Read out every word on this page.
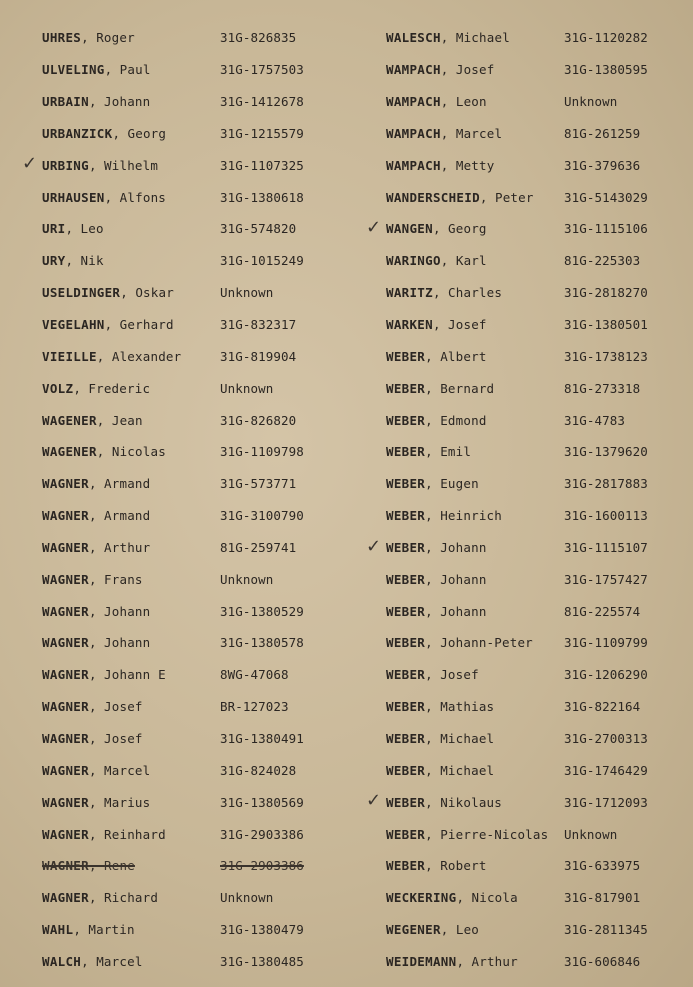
UHRES, Roger	31G-826835
ULVELING, Paul	31G-1757503
URBAIN, Johann	31G-1412678
URBANZICK, Georg	31G-1215579
✓ URBING, Wilhelm	31G-1107325
URHAUSEN, Alfons	31G-1380618
URI, Leo	31G-574820
URY, Nik	31G-1015249
USELDINGER, Oskar	Unknown
VEGELAHN, Gerhard	31G-832317
VIEILLE, Alexander	31G-819904
VOLZ, Frederic	Unknown
WAGENER, Jean	31G-826820
WAGENER, Nicolas	31G-1109798
WAGNER, Armand	31G-573771
WAGNER, Armand	31G-3100790
WAGNER, Arthur	81G-259741
WAGNER, Frans	Unknown
WAGNER, Johann	31G-1380529
WAGNER, Johann	31G-1380578
WAGNER, Johann E	8WG-47068
WAGNER, Josef	BR-127023
WAGNER, Josef	31G-1380491
WAGNER, Marcel	31G-824028
WAGNER, Marius	31G-1380569
WAGNER, Reinhard	31G-2903386
WAGNER, Rene	31G-2903386
WAGNER, Richard	Unknown
WAHL, Martin	31G-1380479
WALCH, Marcel	31G-1380485
WALESCH, Michael	31G-1120282
WAMPACH, Josef	31G-1380595
WAMPACH, Leon	Unknown
WAMPACH, Marcel	81G-261259
WAMPACH, Metty	31G-379636
WANDERSCHEID, Peter	31G-5143029
✓ WANGEN, Georg	31G-1115106
WARINGO, Karl	81G-225303
WARITZ, Charles	31G-2818270
WARKEN, Josef	31G-1380501
WEBER, Albert	31G-1738123
WEBER, Bernard	81G-273318
WEBER, Edmond	31G-4783
WEBER, Emil	31G-1379620
WEBER, Eugen	31G-2817883
WEBER, Heinrich	31G-1600113
✓ WEBER, Johann	31G-1115107
WEBER, Johann	31G-1757427
WEBER, Johann	81G-225574
WEBER, Johann-Peter	31G-1109799
WEBER, Josef	31G-1206290
WEBER, Mathias	31G-822164
WEBER, Michael	31G-2700313
WEBER, Michael	31G-1746429
✓ WEBER, Nikolaus	31G-1712093
WEBER, Pierre-Nicolas	Unknown
WEBER, Robert	31G-633975
WECKERING, Nicola	31G-817901
WEGENER, Leo	31G-2811345
WEIDEMANN, Arthur	31G-606846
